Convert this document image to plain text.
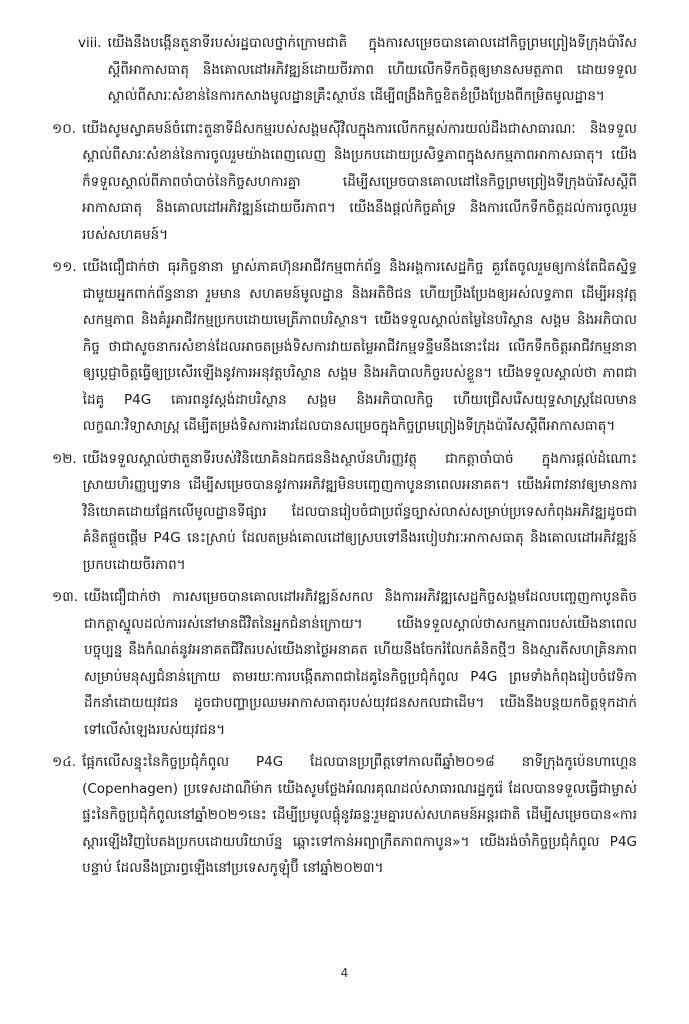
viii. យើងនឹងបង្កើនតួនាទីរបស់រដ្ឋបាលថ្នាក់ក្រោមជាតិ ក្នុងការសម្រេចបានគោលដៅកិច្ចព្រមព្រៀងទីក្រុងប៉ារីសស្តីពីអាកាសធាតុ និងគោលដៅអភិវឌ្ឍន៍ដោយចីរភាព ហើយលើកទឹកចិត្តឲ្យមានសមត្ថភាព ដោយទទួលស្គាល់ពីសារៈសំខាន់នៃការកសាងមូលដ្ឋានគ្រឹះស្ថាប័ន ដើម្បីពង្រឹងកិច្ចខិតខំប្រឹងប្រែងពីកម្រិតមូលដ្ឋាន។
១០. យើងសូមស្វាគមន៍ចំពោះតួនាទីដ៏សកម្មរបស់សង្គមស៊ីវិលក្នុងការលើកកម្ពស់ការយល់ដឹងជាសាធារណៈ និងទទួលស្គាល់ពីសារៈសំខាន់នៃការចូលរួមយ៉ាងពេញលេញ និងប្រកបដោយប្រសិទ្ធភាពក្នុងសកម្មភាពអាកាសធាតុ។ យើងក៏ទទួលស្គាល់ពីភាពចាំបាច់នៃកិច្ចសហការគ្នា ដើម្បីសម្រេចបានគោលដៅនៃកិច្ចព្រមព្រៀងទីក្រុងប៉ារីសស្តីពីអាកាសធាតុ និងគោលដៅអភិវឌ្ឍន៍ដោយចីរភាព។ យើងនឹងផ្តល់កិច្ចគាំទ្រ និងការលើកទឹកចិត្តដល់ការចូលរួមរបស់សហគមន៍។
១១. យើងជឿជាក់ថា ធុរកិច្ចនានា ម្ចាស់ភាគហ៊ុនអាជីវកម្មពាក់ព័ន្ធ និងអង្គការសេដ្ឋកិច្ច គួរតែចូលរួមឲ្យកាន់តែជិតស្និទ្ធជាមួយអ្នកពាក់ព័ន្ធនានា រួមមាន សហគមន៍មូលដ្ឋាន និងអតិថិជន ហើយប្រឹងប្រែងឲ្យអស់លទ្ធភាព ដើម្បីអនុវត្តសកម្មភាព និងគំរូអាជីវកម្មប្រកបដោយមេត្រីភាពបរិស្ថាន។ យើងទទួលស្គាល់តម្លៃនៃបរិស្ថាន សង្គម និងអភិបាលកិច្ច ថាជាសូចនាករសំខាន់ដែលអាចតម្រង់ទិសការវាយតម្លៃអាជីវកម្មទន្ទឹមនឹងនោះដែរ លើកទឹកចិត្តអាជីវកម្មនានា ឲ្យប្តេជ្ញាចិត្តធ្វើឲ្យប្រសើរឡើងនូវការអនុវត្តបរិស្ថាន សង្គម និងអភិបាលកិច្ចរបស់ខ្លួន។ យើងទទួលស្គាល់ថា ភាពជាដៃគូ P4G គោរពនូវស្តង់ដាបរិស្ថាន សង្គម និងអភិបាលកិច្ច ហើយជ្រើសរើសយុទ្ធសាស្រ្តដែលមានលក្ខណៈវិទ្យាសាស្រ្ត ដើម្បីតម្រង់ទិសការងារដែលបានសម្រេចក្នុងកិច្ចព្រមព្រៀងទីក្រុងប៉ារីសស្តីពីអាកាសធាតុ។
១២. យើងទទួលស្គាល់ថាតួនាទីរបស់វិនិយោគិនឯកជននិងស្ថាប័នហិរញ្ញវត្ថុ ជាកត្តាចាំបាច់ ក្នុងការផ្តល់ដំណោះស្រាយហិរញ្ញប្បទាន ដើម្បីសម្រេចបាននូវការអភិវឌ្ឍមិនបញ្ចេញកាបូននាពេលអនាគត។ យើងអំពាវនាវឲ្យមានការវិនិយោគដោយផ្អែកលើមូលដ្ឋានទីផ្សារ ដែលបានរៀបចំជាប្រព័ន្ធច្បាស់លាស់សម្រាប់ប្រទេសកំពុងអភិវឌ្ឍដូចជាគំនិតផ្តួចផ្តើម P4G នេះស្រាប់ ដែលតម្រង់គោលដៅឲ្យស្របទៅនឹងរបៀបវារៈអាកាសធាតុ និងគោលដៅអភិវឌ្ឍន៍ប្រកបដោយចីរភាព។
១៣. យើងជឿជាក់ថា ការសម្រេចបានគោលដៅអភិវឌ្ឍន៍សកល និងការអភិវឌ្ឍសេដ្ឋកិច្ចសង្គមដែលបញ្ចេញកាបូនតិច ជាកត្តាស្នូលដល់ការរស់នៅមានជីវិតនៃអ្នកជំនាន់ក្រោយ។ យើងទទួលស្គាល់ថាសកម្មភាពរបស់យើងនាពេលបច្ចុប្បន្ន នឹងកំណត់នូវអនាគតជីវិតរបស់យើងនាថ្ងៃអនាគត ហើយនឹងចែករំលែកគំនិតថ្មីៗ និងស្មារតីសហគ្រិនភាពសម្រាប់មនុស្សជំនាន់ក្រោយ តាមរយៈការបង្កើតភាពជាដៃគូនៃកិច្ចប្រជុំកំពូល P4G ព្រមទាំងកំពុងរៀបចំវេទិកាដឹកនាំដោយយុវជន ដូចជាបញ្ហាប្រឈមអាកាសធាតុរបស់យុវជនសកលជាដើម។ យើងនឹងបន្តយកចិត្តទុកដាក់ទៅលើសំឡេងរបស់យុវជន។
១៤. ផ្អែកលើសន្ទុះនៃកិច្ចប្រជុំកំពូល P4G ដែលបានប្រព្រឹត្តទៅកាលពីឆ្នាំ២០១៨ នាទីក្រុងកូប៉េនហាហ្គេន (Copenhagen) ប្រទេសដាណឺម៉ាក យើងសូមថ្លែងអំណរគុណដល់សាធារណរដ្ឋកូរ៉េ ដែលបានទទួលធ្វើជាម្ចាស់ផ្ទះនៃកិច្ចប្រជុំកំពូលនៅឆ្នាំ២០២១នេះ ដើម្បីប្រមូលផ្តុំនូវឆន្ទៈរួមគ្នារបស់សហគមន៍អន្តរជាតិ ដើម្បីសម្រេចបាន«ការស្តារឡើងវិញបៃតងប្រកបដោយបរិយាប័ន្ន ឆ្ពោះទៅកាន់អព្យាក្រឹតភាពកាបូន»។ យើងរង់ចាំកិច្ចប្រជុំកំពូល P4G បន្ទាប់ ដែលនឹងប្រារព្ធឡើងនៅប្រទេសកូឡុំប៊ី នៅឆ្នាំ២០២៣។
4
